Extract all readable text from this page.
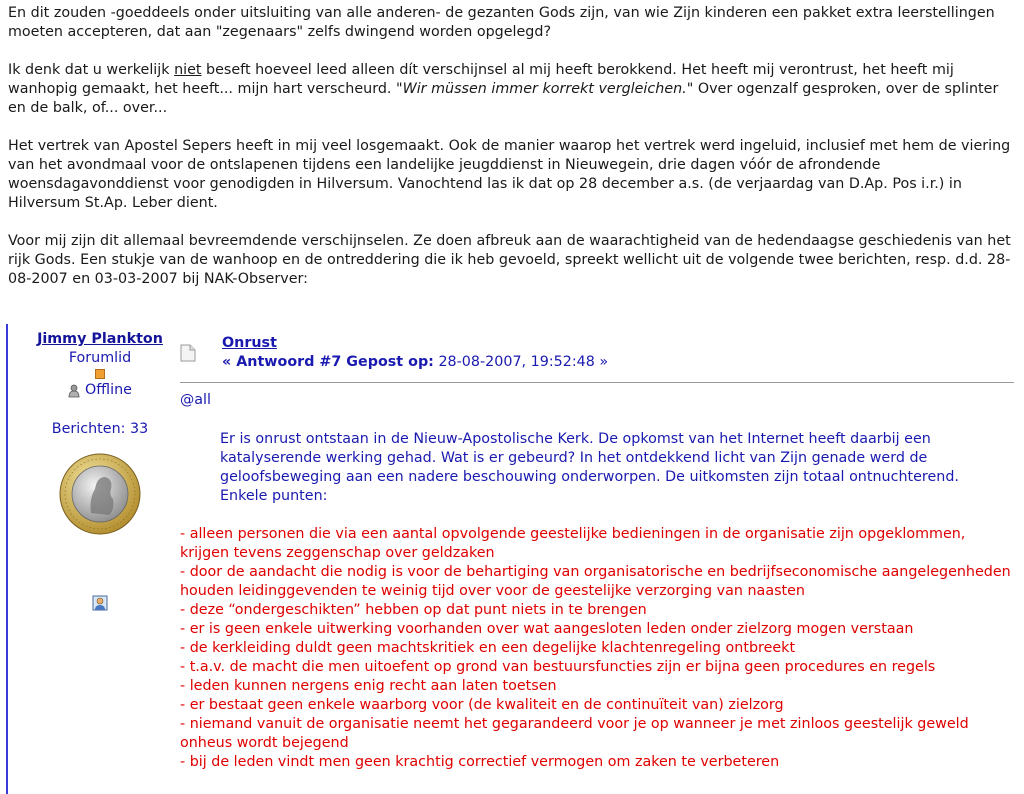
En dit zouden -goeddeels onder uitsluiting van alle anderen- de gezanten Gods zijn, van wie Zijn kinderen een pakket extra leerstellingen moeten accepteren, dat aan "zegenaars" zelfs dwingend worden opgelegd?

Ik denk dat u werkelijk niet beseft hoeveel leed alleen dít verschijnsel al mij heeft berokkend. Het heeft mij verontrust, het heeft mij wanhopig gemaakt, het heeft... mijn hart verscheurd. "Wir müssen immer korrekt vergleichen." Over ogenzalf gesproken, over de splinter en de balk, of... over...

Het vertrek van Apostel Sepers heeft in mij veel losgemaakt. Ook de manier waarop het vertrek werd ingeluid, inclusief met hem de viering van het avondmaal voor de ontslapenen tijdens een landelijke jeugddienst in Nieuwegein, drie dagen vóór de afrondende woensdagavonddienst voor genodigden in Hilversum. Vanochtend las ik dat op 28 december a.s. (de verjaardag van D.Ap. Pos i.r.) in Hilversum St.Ap. Leber dient.

Voor mij zijn dit allemaal bevreemdende verschijnselen. Ze doen afbreuk aan de waarachtigheid van de hedendaagse geschiedenis van het rijk Gods. Een stukje van de wanhoop en de ontreddering die ik heb gevoeld, spreekt wellicht uit de volgende twee berichten, resp. d.d. 28-08-2007 en 03-03-2007 bij NAK-Observer:

Jimmy Plankton
Forumlid
Offline
Berichten: 33
Onrust
« Antwoord #7 Gepost op: 28-08-2007, 19:52:48 »
@all
Er is onrust ontstaan in de Nieuw-Apostolische Kerk. De opkomst van het Internet heeft daarbij een katalyserende werking gehad. Wat is er gebeurd? In het ontdekkend licht van Zijn genade werd de geloofsbeweging aan een nadere beschouwing onderworpen. De uitkomsten zijn totaal ontnuchterend. Enkele punten:
- alleen personen die via een aantal opvolgende geestelijke bedieningen in de organisatie zijn opgeklommen, krijgen tevens zeggenschap over geldzaken
- door de aandacht die nodig is voor de behartiging van organisatorische en bedrijfseconomische aangelegenheden houden leidinggevenden te weinig tijd over voor de geestelijke verzorging van naasten
- deze “ondergeschikten” hebben op dat punt niets in te brengen
- er is geen enkele uitwerking voorhanden over wat aangesloten leden onder zielzorg mogen verstaan
- de kerkleiding duldt geen machtskritiek en een degelijke klachtenregeling ontbreekt
- t.a.v. de macht die men uitoefent op grond van bestuursfuncties zijn er bijna geen procedures en regels
- leden kunnen nergens enig recht aan laten toetsen
- er bestaat geen enkele waarborg voor (de kwaliteit en de continuïteit van) zielzorg
- niemand vanuit de organisatie neemt het gegarandeerd voor je op wanneer je met zinloos geestelijk geweld onheus wordt bejegend
- bij de leden vindt men geen krachtig correctief vermogen om zaken te verbeteren
